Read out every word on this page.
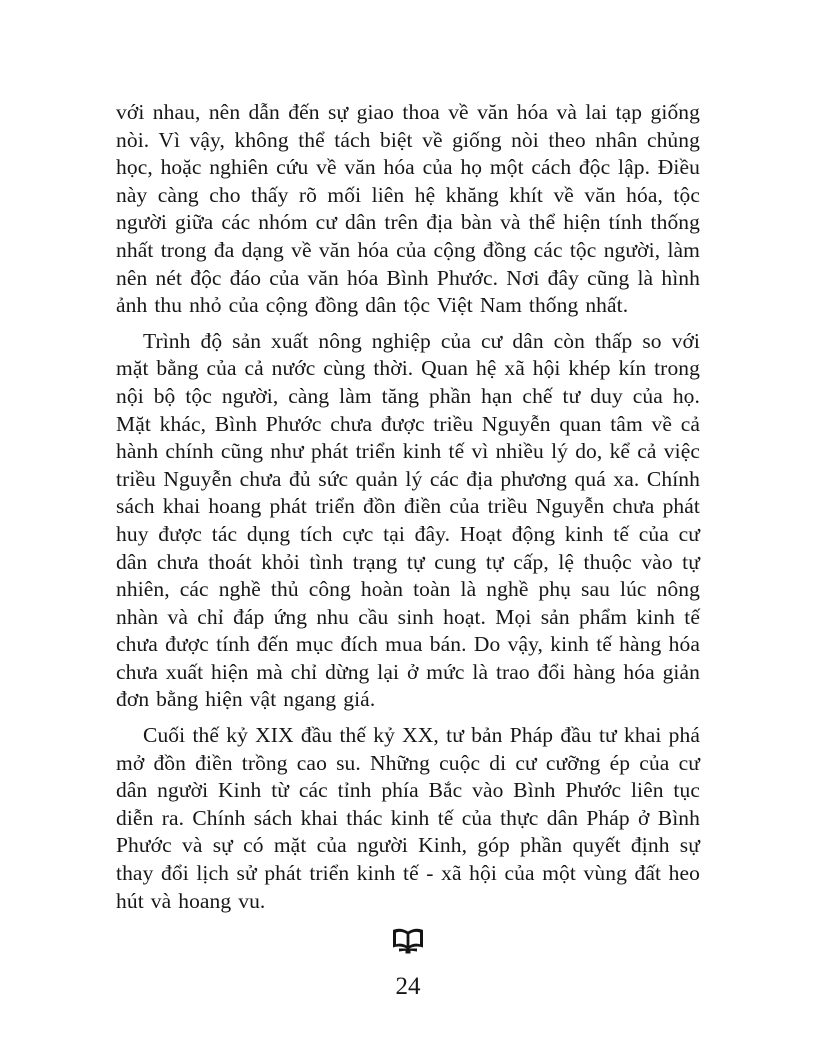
với nhau, nên dẫn đến sự giao thoa về văn hóa và lai tạp giống nòi. Vì vậy, không thể tách biệt về giống nòi theo nhân chủng học, hoặc nghiên cứu về văn hóa của họ một cách độc lập. Điều này càng cho thấy rõ mối liên hệ khăng khít về văn hóa, tộc người giữa các nhóm cư dân trên địa bàn và thể hiện tính thống nhất trong đa dạng về văn hóa của cộng đồng các tộc người, làm nên nét độc đáo của văn hóa Bình Phước. Nơi đây cũng là hình ảnh thu nhỏ của cộng đồng dân tộc Việt Nam thống nhất.

Trình độ sản xuất nông nghiệp của cư dân còn thấp so với mặt bằng của cả nước cùng thời. Quan hệ xã hội khép kín trong nội bộ tộc người, càng làm tăng phần hạn chế tư duy của họ. Mặt khác, Bình Phước chưa được triều Nguyễn quan tâm về cả hành chính cũng như phát triển kinh tế vì nhiều lý do, kể cả việc triều Nguyễn chưa đủ sức quản lý các địa phương quá xa. Chính sách khai hoang phát triển đồn điền của triều Nguyễn chưa phát huy được tác dụng tích cực tại đây. Hoạt động kinh tế của cư dân chưa thoát khỏi tình trạng tự cung tự cấp, lệ thuộc vào tự nhiên, các nghề thủ công hoàn toàn là nghề phụ sau lúc nông nhàn và chỉ đáp ứng nhu cầu sinh hoạt. Mọi sản phẩm kinh tế chưa được tính đến mục đích mua bán. Do vậy, kinh tế hàng hóa chưa xuất hiện mà chỉ dừng lại ở mức là trao đổi hàng hóa giản đơn bằng hiện vật ngang giá.

Cuối thế kỷ XIX đầu thế kỷ XX, tư bản Pháp đầu tư khai phá mở đồn điền trồng cao su. Những cuộc di cư cưỡng ép của cư dân người Kinh từ các tỉnh phía Bắc vào Bình Phước liên tục diễn ra. Chính sách khai thác kinh tế của thực dân Pháp ở Bình Phước và sự có mặt của người Kinh, góp phần quyết định sự thay đổi lịch sử phát triển kinh tế - xã hội của một vùng đất heo hút và hoang vu.

24
